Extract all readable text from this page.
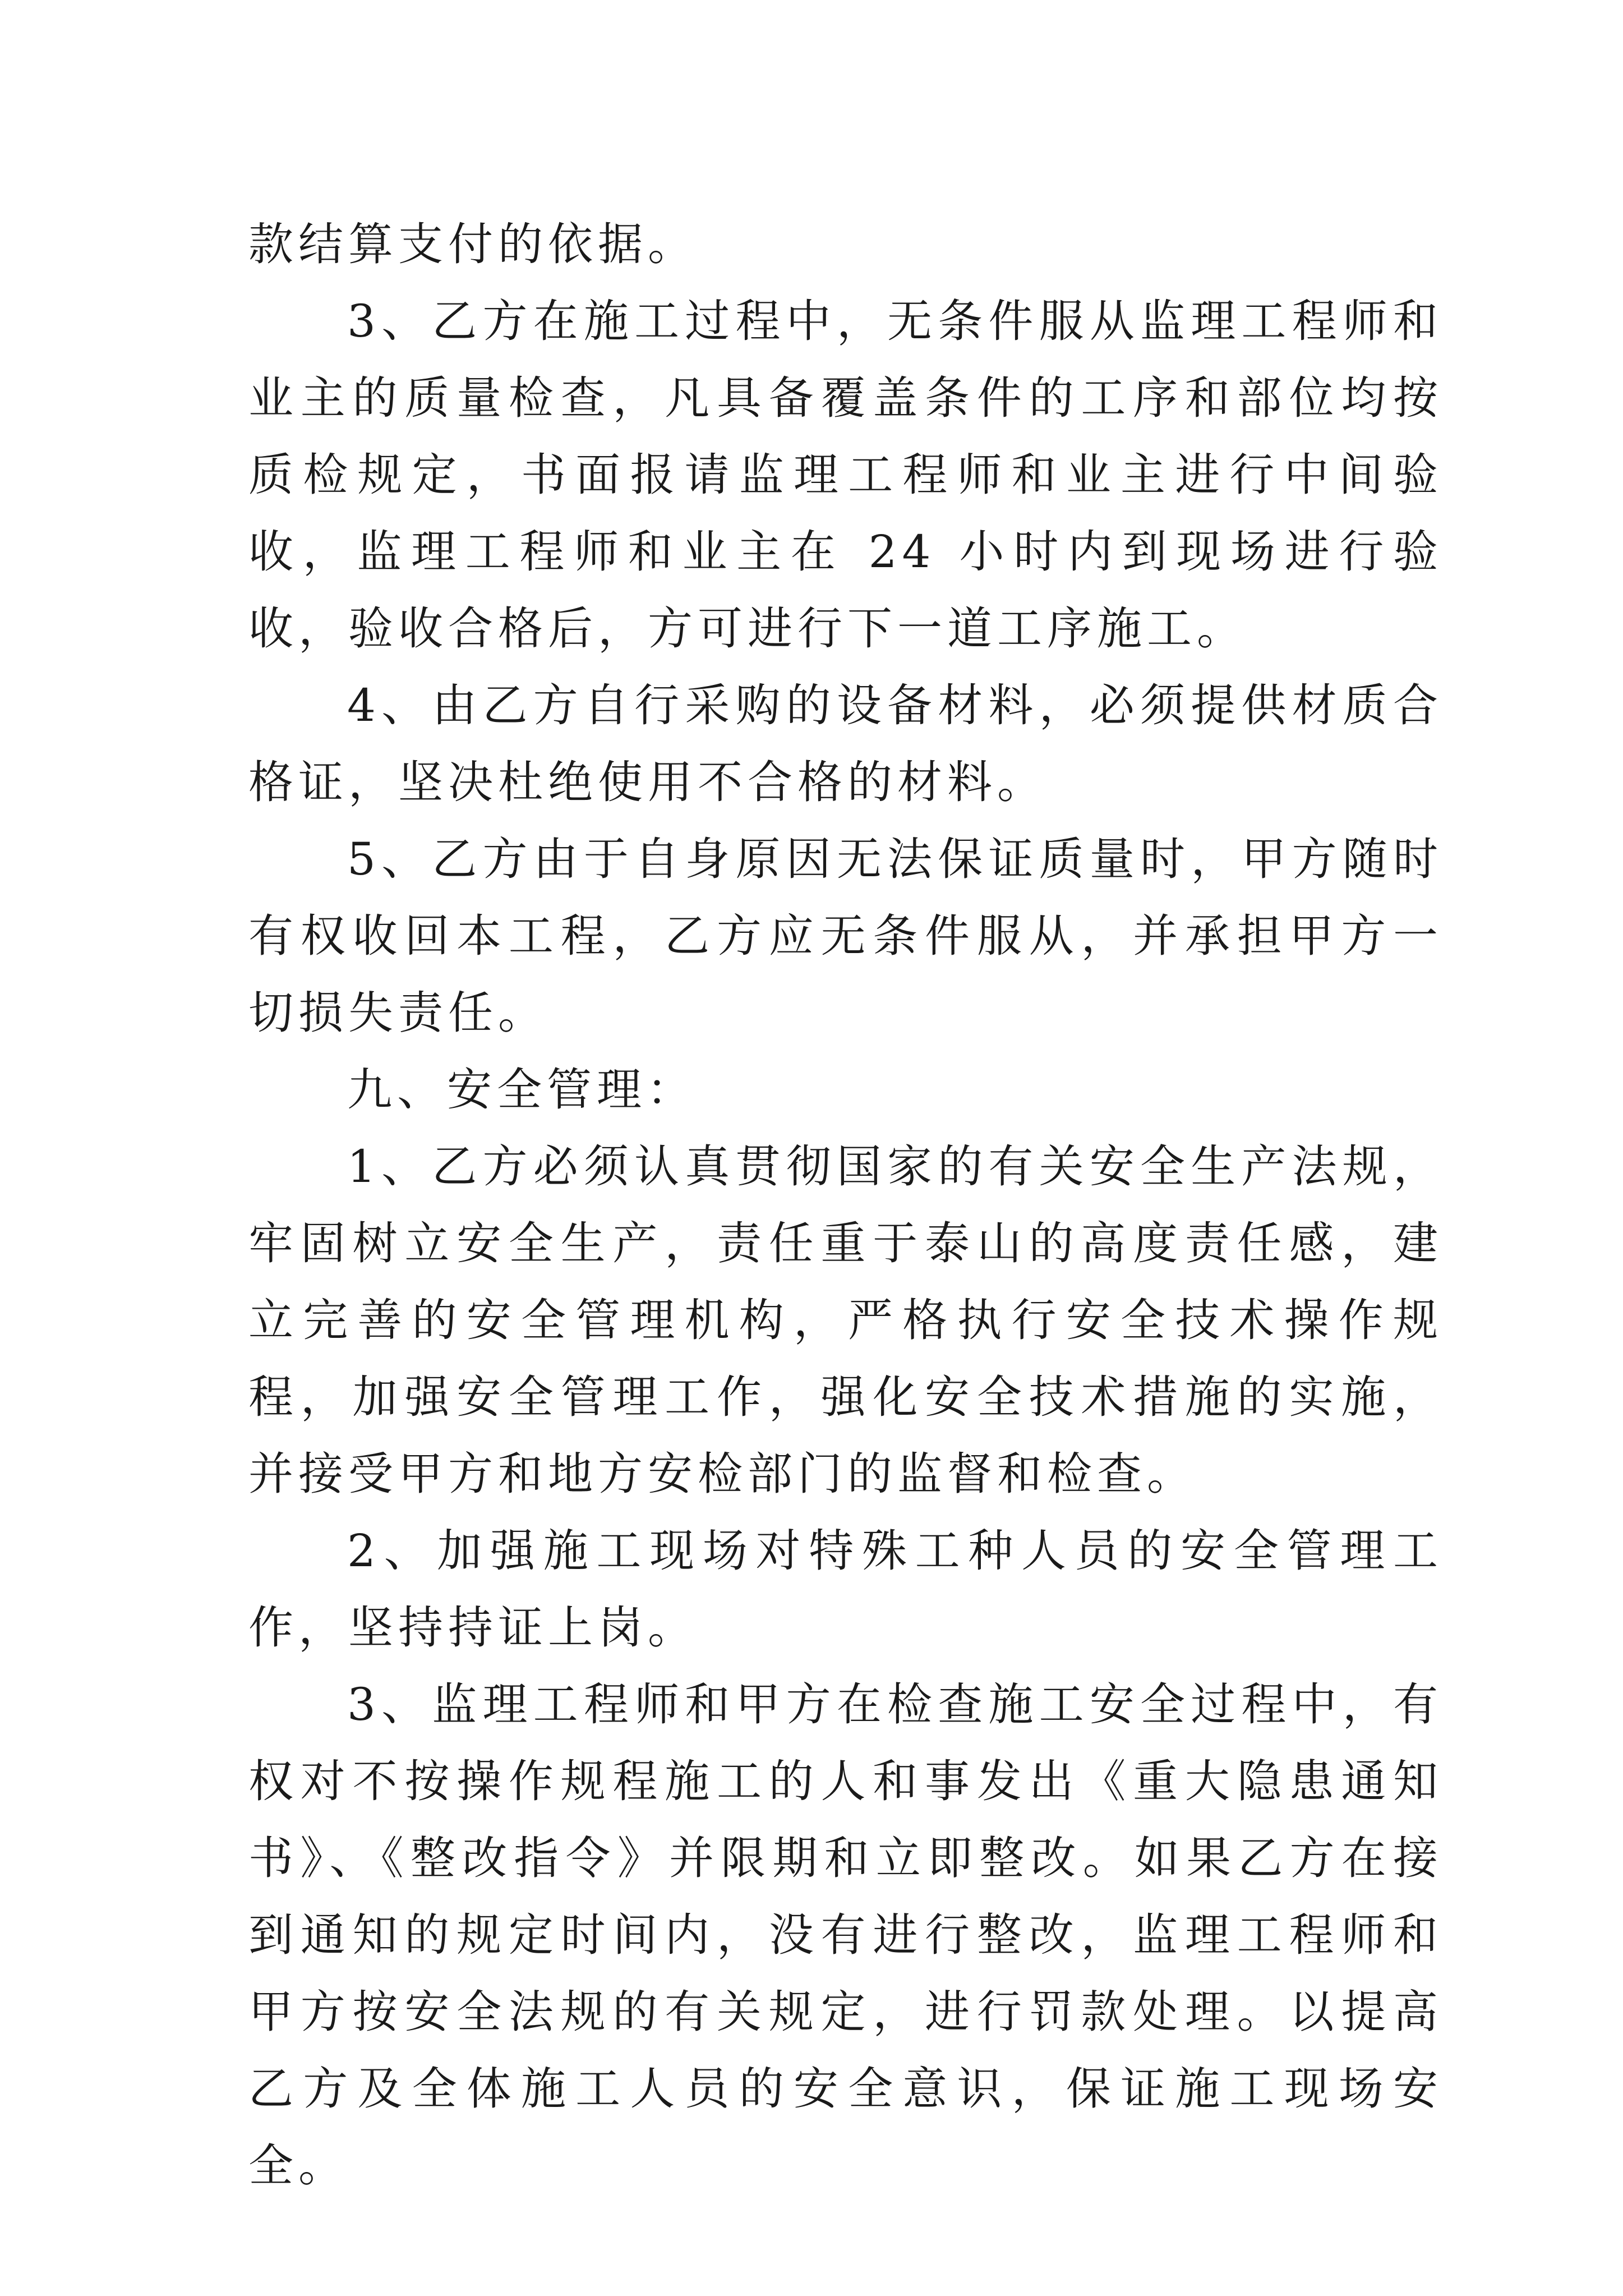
款结算支付的依据。

3、乙方在施工过程中，无条件服从监理工程师和业主的质量检查，凡具备覆盖条件的工序和部位均按质检规定，书面报请监理工程师和业主进行中间验收，监理工程师和业主在 24 小时内到现场进行验收，验收合格后，方可进行下一道工序施工。

4、由乙方自行采购的设备材料，必须提供材质合格证，坚决杜绝使用不合格的材料。

5、乙方由于自身原因无法保证质量时，甲方随时有权收回本工程，乙方应无条件服从，并承担甲方一切损失责任。

九、安全管理：

1、乙方必须认真贯彻国家的有关安全生产法规，牢固树立安全生产，责任重于泰山的高度责任感，建立完善的安全管理机构，严格执行安全技术操作规程，加强安全管理工作，强化安全技术措施的实施，并接受甲方和地方安检部门的监督和检查。

2、加强施工现场对特殊工种人员的安全管理工作，坚持持证上岗。

3、监理工程师和甲方在检查施工安全过程中，有权对不按操作规程施工的人和事发出《重大隐患通知书》、《整改指令》并限期和立即整改。如果乙方在接到通知的规定时间内，没有进行整改，监理工程师和甲方按安全法规的有关规定，进行罚款处理。以提高乙方及全体施工人员的安全意识，保证施工现场安全。
